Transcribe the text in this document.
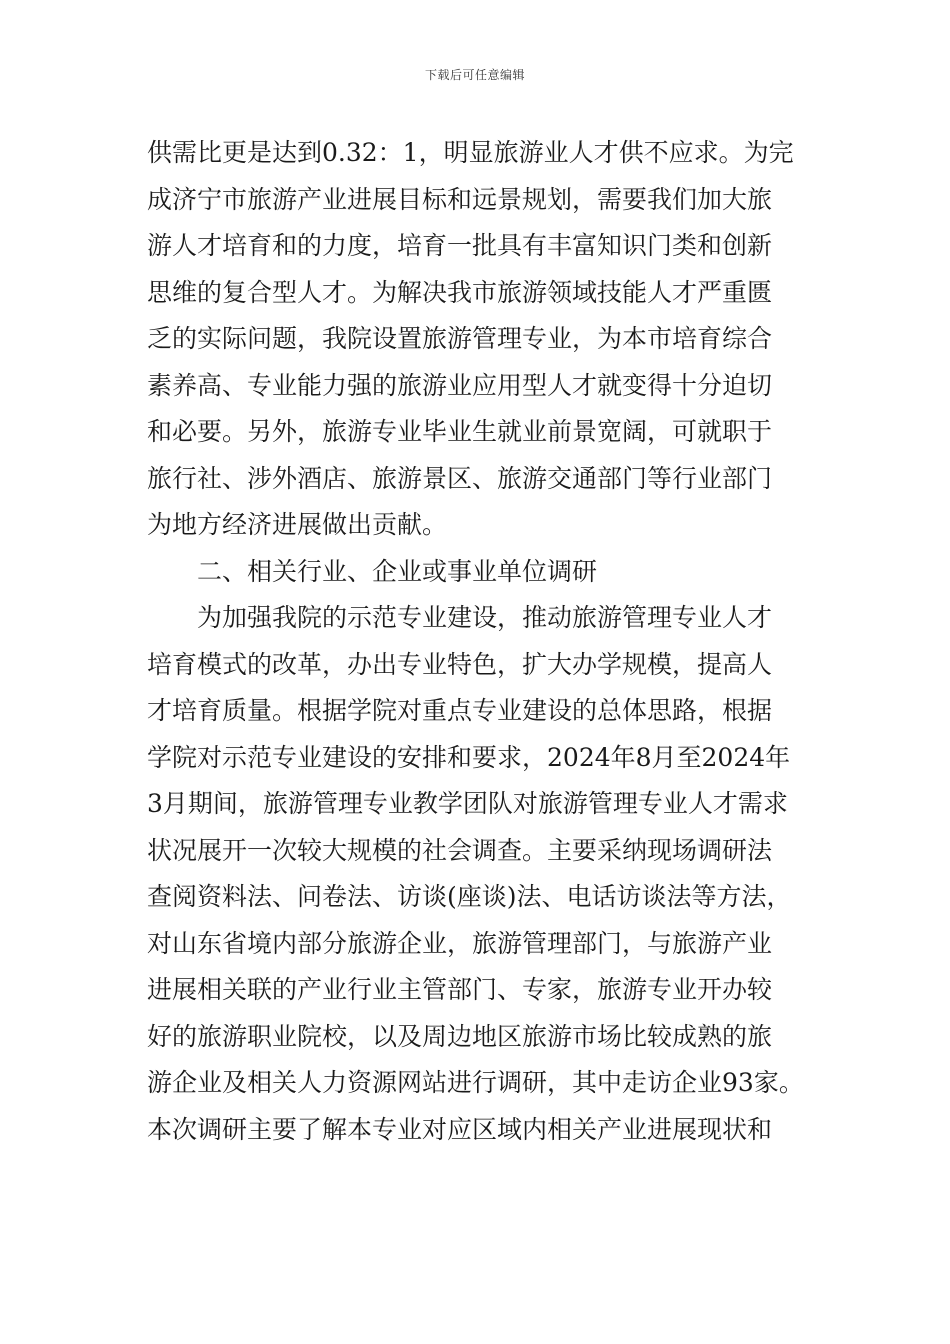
下载后可任意编辑
供需比更是达到0.32：1，明显旅游业人才供不应求。为完
成济宁市旅游产业进展目标和远景规划，需要我们加大旅
游人才培育和的力度，培育一批具有丰富知识门类和创新
思维的复合型人才。为解决我市旅游领域技能人才严重匮
乏的实际问题，我院设置旅游管理专业，为本市培育综合
素养高、专业能力强的旅游业应用型人才就变得十分迫切
和必要。另外，旅游专业毕业生就业前景宽阔，可就职于
旅行社、涉外酒店、旅游景区、旅游交通部门等行业部门
为地方经济进展做出贡献。
二、相关行业、企业或事业单位调研
为加强我院的示范专业建设，推动旅游管理专业人才
培育模式的改革，办出专业特色，扩大办学规模，提高人
才培育质量。根据学院对重点专业建设的总体思路，根据
学院对示范专业建设的安排和要求，2024年8月至2024年
3月期间，旅游管理专业教学团队对旅游管理专业人才需求
状况展开一次较大规模的社会调查。主要采纳现场调研法
查阅资料法、问卷法、访谈(座谈)法、电话访谈法等方法，
对山东省境内部分旅游企业，旅游管理部门，与旅游产业
进展相关联的产业行业主管部门、专家，旅游专业开办较
好的旅游职业院校，以及周边地区旅游市场比较成熟的旅
游企业及相关人力资源网站进行调研，其中走访企业93家。
本次调研主要了解本专业对应区域内相关产业进展现状和
